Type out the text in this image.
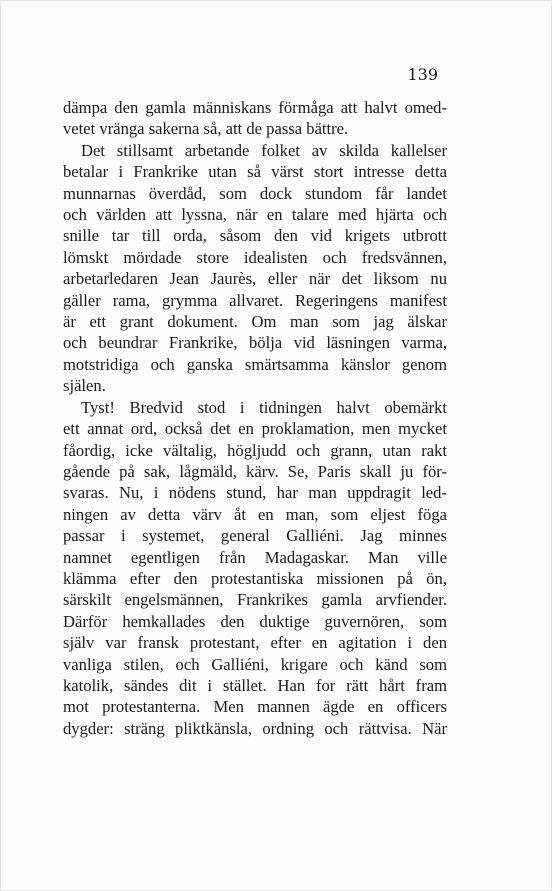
139
dämpa den gamla människans förmåga att halvt omed-
vetet vränga sakerna så, att de passa bättre.
Det stillsamt arbetande folket av skilda kallelser
betalar i Frankrike utan så värst stort intresse detta
munnarnas överdåd, som dock stundom får landet
och världen att lyssna, när en talare med hjärta och
snille tar till orda, såsom den vid krigets utbrott
lömskt mördade store idealisten och fredsvännen,
arbetarledaren Jean Jaurès, eller när det liksom nu
gäller rama, grymma allvaret. Regeringens manifest
är ett grant dokument. Om man som jag älskar
och beundrar Frankrike, bölja vid läsningen varma,
motstridiga och ganska smärtsamma känslor genom
själen.
Tyst! Bredvid stod i tidningen halvt obemärkt
ett annat ord, också det en proklamation, men mycket
fåordig, icke vältalig, högljudd och grann, utan rakt
gående på sak, lågmäld, kärv. Se, Paris skall ju för-
svaras. Nu, i nödens stund, har man uppdragit led-
ningen av detta värv åt en man, som eljest föga
passar i systemet, general Galliéni. Jag minnes
namnet egentligen från Madagaskar. Man ville
klämma efter den protestantiska missionen på ön,
särskilt engelsmännen, Frankrikes gamla arvfiender.
Därför hemkallades den duktige guvernören, som
själv var fransk protestant, efter en agitation i den
vanliga stilen, och Galliéni, krigare och känd som
katolik, sändes dit i stället. Han for rätt hårt fram
mot protestanterna. Men mannen ägde en officers
dygder: sträng pliktkänsla, ordning och rättvisa. När
